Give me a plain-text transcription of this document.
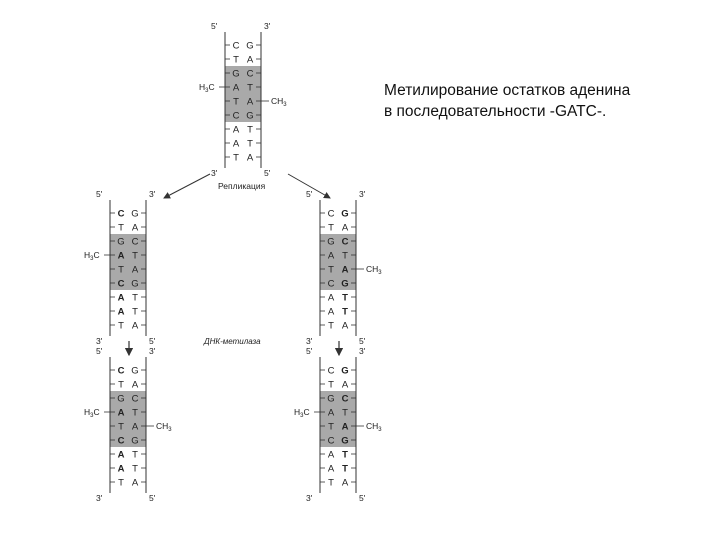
5'	3'
3'	5'
C G
T A
G C
A T
T A
C G
A T
A T
T A
$H_3C$
$CH_3$
5'	3'
3'	5'
C G
T A
G C
A T
T A
C G
A T
A T
T A
$H_3C$
5'	3'
3'	5'
C G
T A
G C
A T
T A
C G
A T
A T
T A
$CH_3$
5'	3'
3'	5'
C G
T A
G C
A T
T A
C G
A T
A T
T A
$H_3C$
$CH_3$
5'	3'
3'	5'
C G
T A
G C
A T
T A
C G
A T
A T
T A
$H_3C$
$CH_3$
Репликация
ДНК-метилаза
Метилирование остатков аденина
в последовательности -GATC-.
